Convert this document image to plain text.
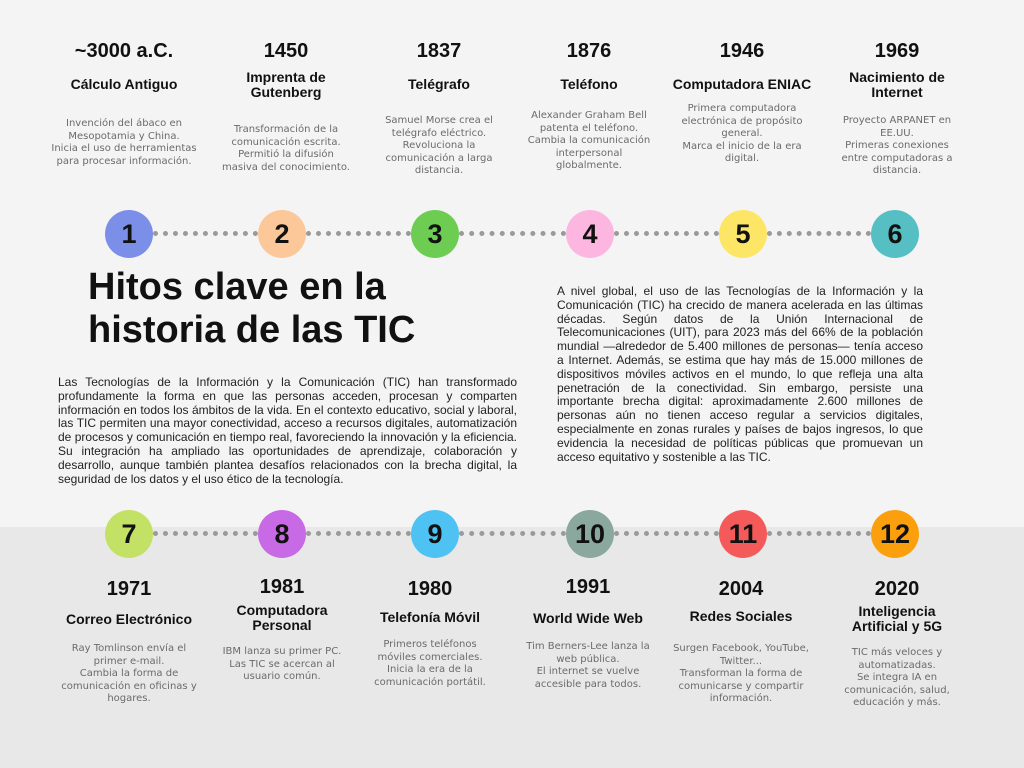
~3000 a.C.
Cálculo Antiguo
Invención del ábaco en
Mesopotamia y China.
Inicia el uso de herramientas
para procesar información.
1450
Imprenta de
Gutenberg
Transformación de la
comunicación escrita.
Permitió la difusión
masiva del conocimiento.
1837
Telégrafo
Samuel Morse crea el
telégrafo eléctrico.
Revoluciona la
comunicación a larga
distancia.
1876
Teléfono
Alexander Graham Bell
patenta el teléfono.
Cambia la comunicación
interpersonal
globalmente.
1946
Computadora ENIAC
Primera computadora
electrónica de propósito
general.
Marca el inicio de la era
digital.
1969
Nacimiento de
Internet
Proyecto ARPANET en
EE.UU.
Primeras conexiones
entre computadoras a
distancia.
1	2	3	4	5	6
Hitos clave en la historia de las TIC

Las Tecnologías de la Información y la Comunicación (TIC) han transformado profundamente la forma en que las personas acceden, procesan y comparten información en todos los ámbitos de la vida. En el contexto educativo, social y laboral, las TIC permiten una mayor conectividad, acceso a recursos digitales, automatización de procesos y comunicación en tiempo real, favoreciendo la innovación y la eficiencia. Su integración ha ampliado las oportunidades de aprendizaje, colaboración y desarrollo, aunque también plantea desafíos relacionados con la brecha digital, la seguridad de los datos y el uso ético de la tecnología.

A nivel global, el uso de las Tecnologías de la Información y la Comunicación (TIC) ha crecido de manera acelerada en las últimas décadas. Según datos de la Unión Internacional de Telecomunicaciones (UIT), para 2023 más del 66% de la población mundial —alrededor de 5.400 millones de personas— tenía acceso a Internet. Además, se estima que hay más de 15.000 millones de dispositivos móviles activos en el mundo, lo que refleja una alta penetración de la conectividad. Sin embargo, persiste una importante brecha digital: aproximadamente 2.600 millones de personas aún no tienen acceso regular a servicios digitales, especialmente en zonas rurales y países de bajos ingresos, lo que evidencia la necesidad de políticas públicas que promuevan un acceso equitativo y sostenible a las TIC.

7	8	9	10	11	12
1971
Correo Electrónico
Ray Tomlinson envía el
primer e-mail.
Cambia la forma de
comunicación en oficinas y
hogares.
1981
Computadora
Personal
IBM lanza su primer PC.
Las TIC se acercan al
usuario común.
1980
Telefonía Móvil
Primeros teléfonos
móviles comerciales.
Inicia la era de la
comunicación portátil.
1991
World Wide Web
Tim Berners-Lee lanza la
web pública.
El internet se vuelve
accesible para todos.
2004
Redes Sociales
Surgen Facebook, YouTube,
Twitter...
Transforman la forma de
comunicarse y compartir
información.
2020
Inteligencia
Artificial y 5G
TIC más veloces y
automatizadas.
Se integra IA en
comunicación, salud,
educación y más.
